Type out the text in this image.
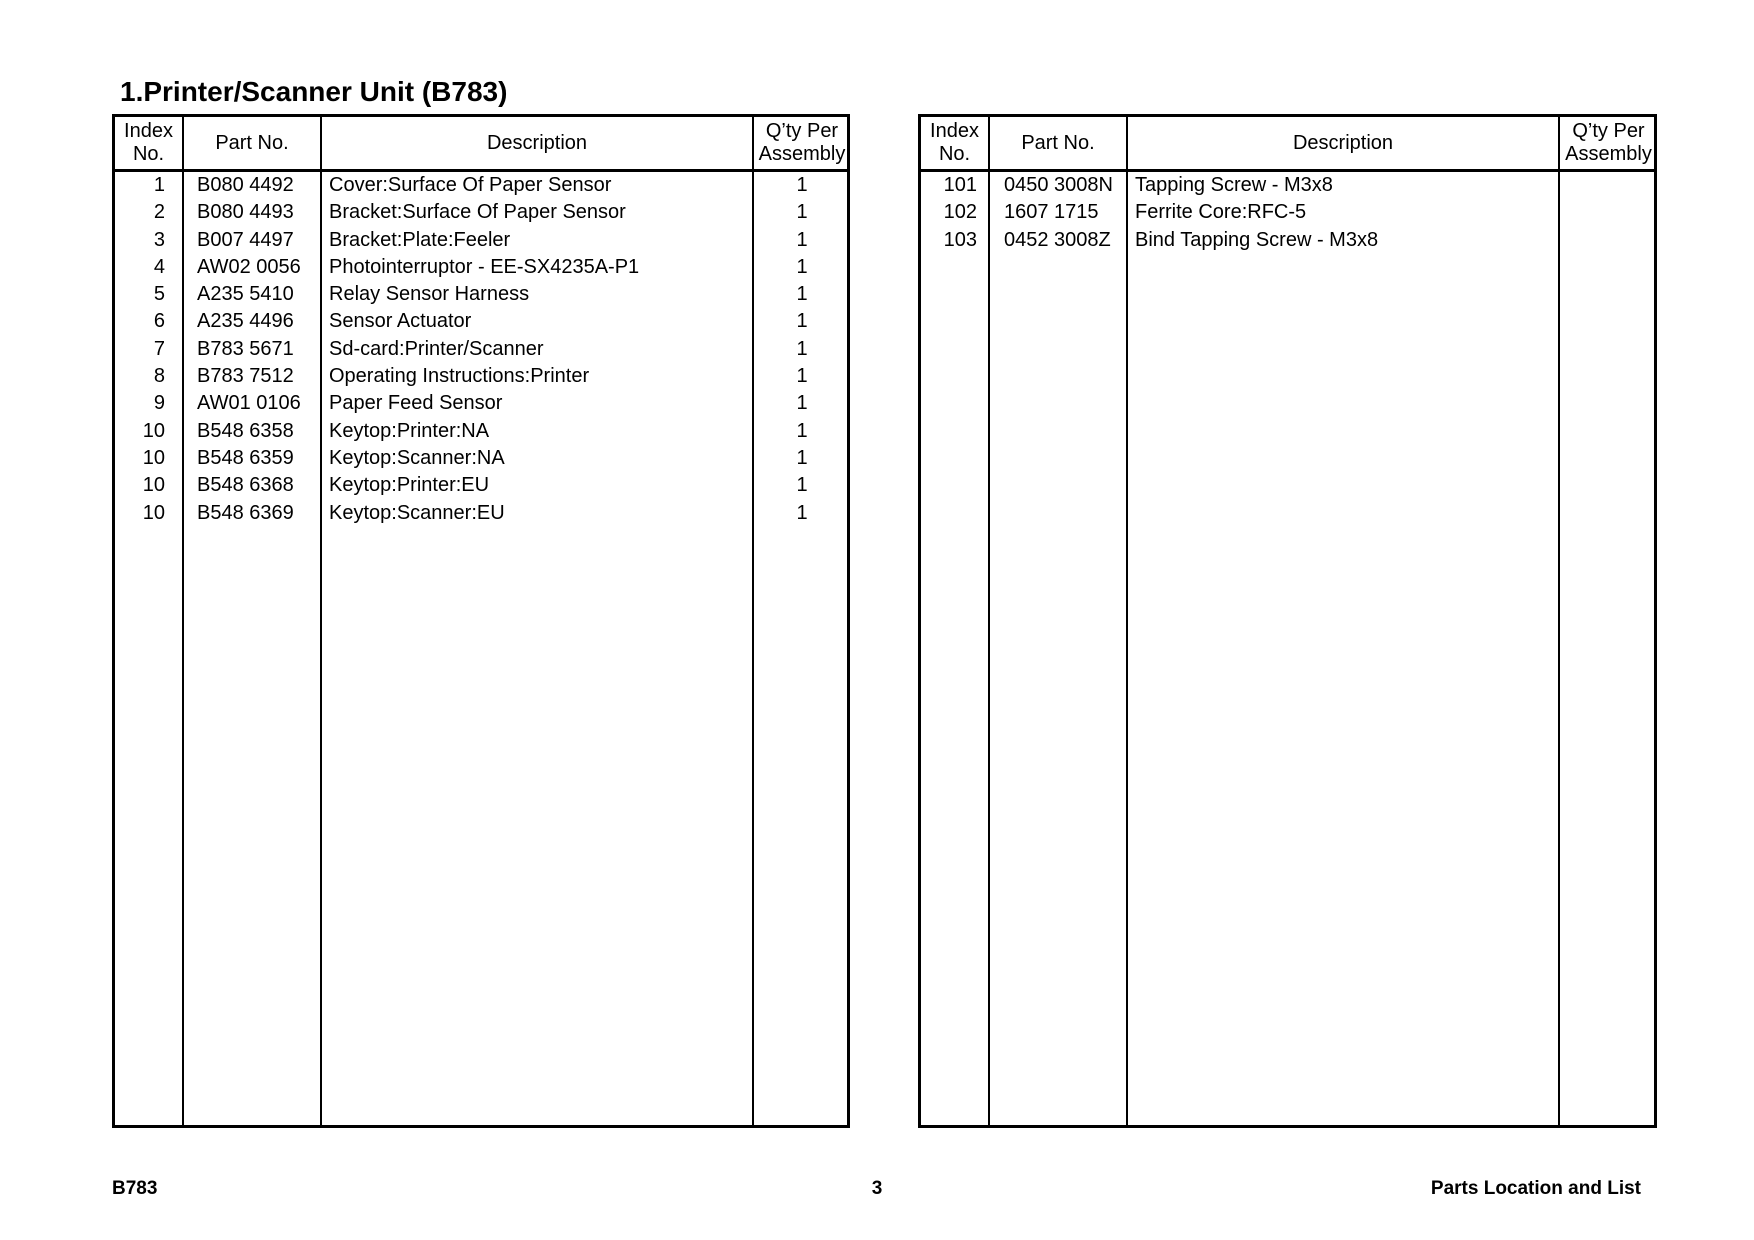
1.Printer/Scanner Unit (B783)
Index
No.
Part No.	Description
Q’ty Per
Assembly
1 B080 4492	Cover:Surface Of Paper Sensor	1
2 B080 4493	Bracket:Surface Of Paper Sensor	1
3 B007 4497	Bracket:Plate:Feeler	1
4 AW02 0056	Photointerruptor - EE-SX4235A-P1	1
5 A235 5410	Relay Sensor Harness	1
6 A235 4496	Sensor Actuator	1
7 B783 5671	Sd-card:Printer/Scanner	1
8 B783 7512	Operating Instructions:Printer	1
9 AW01 0106	Paper Feed Sensor	1
10 B548 6358	Keytop:Printer:NA	1
10 B548 6359	Keytop:Scanner:NA	1
10 B548 6368	Keytop:Printer:EU	1
10 B548 6369	Keytop:Scanner:EU	1
Index
No.
Part No.	Description
Q’ty Per
Assembly
101 0450 3008N	Tapping Screw - M3x8
102 1607 1715	Ferrite Core:RFC-5
103 0452 3008Z	Bind Tapping Screw - M3x8
B783	3	Parts Location and List
